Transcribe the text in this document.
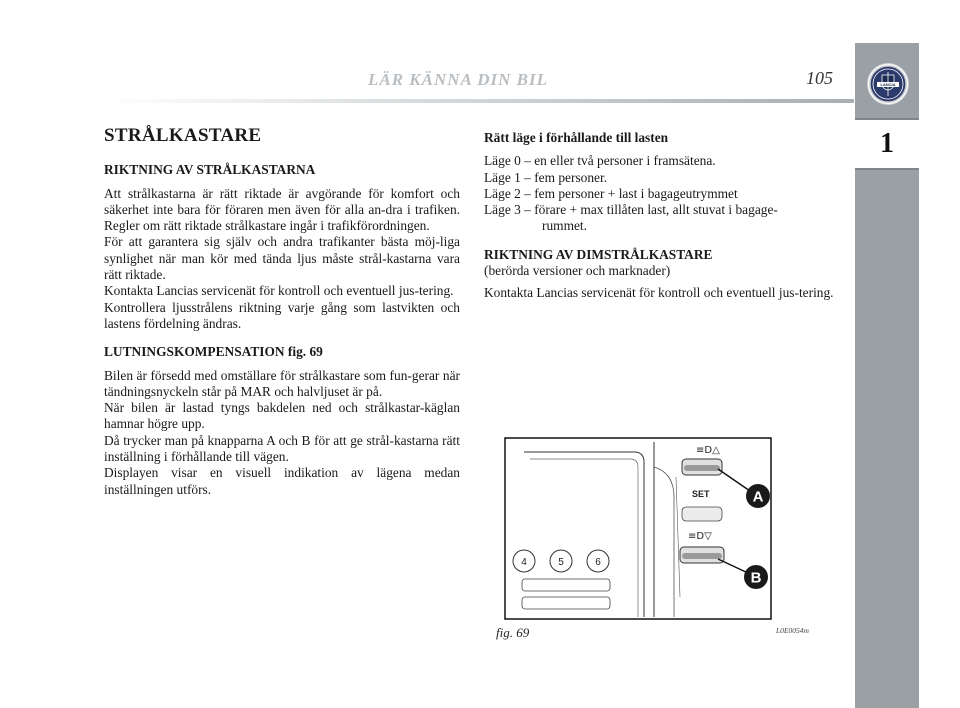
LÄR KÄNNA DIN BIL	105	LANCIA
1
STRÅLKASTARE
RIKTNING AV STRÅLKASTARNA

Att strålkastarna är rätt riktade är avgörande för komfort och säkerhet inte bara för föraren men även för alla an-dra i trafiken. Regler om rätt riktade strålkastare ingår i trafikförordningen.

För att garantera sig själv och andra trafikanter bästa möj-liga synlighet när man kör med tända ljus måste strål-kastarna vara rätt riktade.

Kontakta Lancias servicenät för kontroll och eventuell jus-tering.

Kontrollera ljusstrålens riktning varje gång som lastvikten och lastens fördelning ändras.

LUTNINGSKOMPENSATION fig. 69

Bilen är försedd med omställare för strålkastare som fun-gerar när tändningsnyckeln står på MAR och halvljuset är på.

När bilen är lastad tyngs bakdelen ned och strålkastar-käglan hamnar högre upp.

Då trycker man på knapparna A och B för att ge strål-kastarna rätt inställning i förhållande till vägen.

Displayen visar en visuell indikation av lägena medan inställningen utförs.

Rätt läge i förhållande till lasten
Läge 0 – en eller två personer i framsätena.
Läge 1 – fem personer.
Läge 2 – fem personer + last i bagageutrymmet
Läge 3 – förare + max tillåten last, allt stuvat i bagage-
rummet.
RIKTNING AV DIMSTRÅLKASTARE
(berörda versioner och marknader)

Kontakta Lancias servicenät för kontroll och eventuell jus-tering.

4	5	6
≡D△
SET
≡D▽
A
B
fig. 69	L0E0054m
carmanualsonline.info
